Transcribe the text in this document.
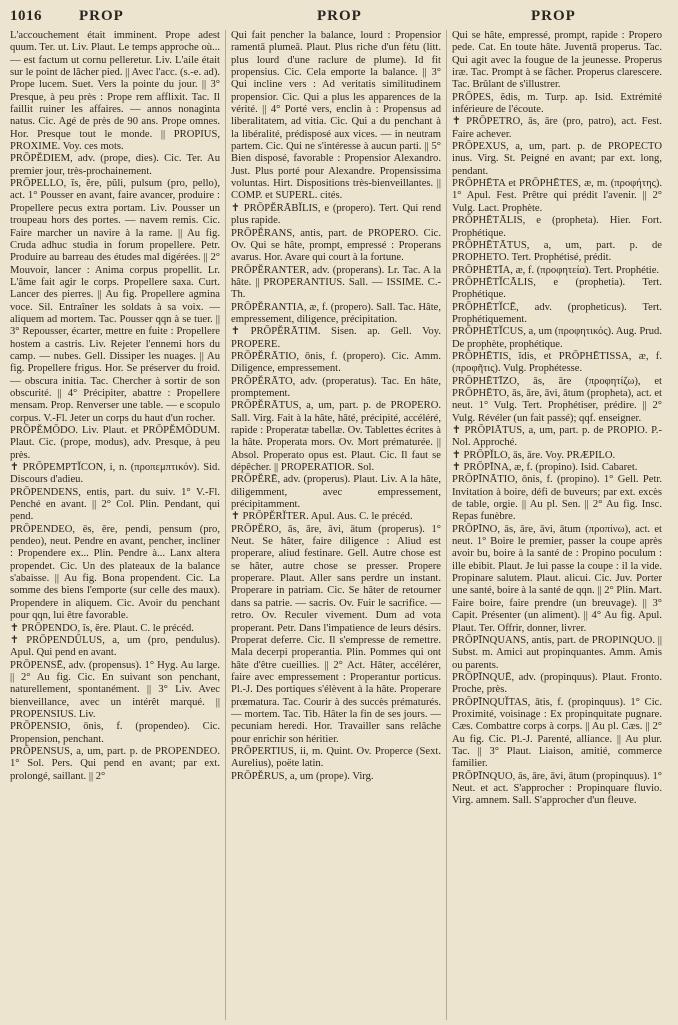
1016 PROP	PROP	PROP

L'accouchement était imminent. Prope adest quum. Ter. ut. Liv. Plaut. Le temps approche où... — est factum ut cornu pelleretur. Liv. L'aile était sur le point de lâcher pied. || Avec l'acc. (s.-e. ad). Prope lucem. Suet. Vers la pointe du jour. || 3° Presque, à peu près : Prope rem afflixit. Tac. Il faillit ruiner les affaires. — annos nonaginta natus. Cic. Agé de près de 90 ans. Prope omnes. Hor. Presque tout le monde. || PROPIUS, PROXIME. Voy. ces mots.

PRŌPĔDIEM, adv. (prope, dies). Cic. Ter. Au premier jour, très-prochainement.

PRŌPELLO, ĭs, ĕre, pŭli, pulsum (pro, pello), act. 1° Pousser en avant, faire avancer, produire : Propellere pecus extra portam. Liv. Pousser un troupeau hors des portes. — navem remis. Cic. Faire marcher un navire à la rame. || Au fig. Cruda adhuc studia in forum propellere. Petr. Produire au barreau des études mal digérées. || 2° Mouvoir, lancer : Anima corpus propellit. Lr. L'âme fait agir le corps. Propellere saxa. Curt. Lancer des pierres. || Au fig. Propellere agmina voce. Sil. Entraîner les soldats à sa voix. — aliquem ad mortem. Tac. Pousser qqn à se tuer. || 3° Repousser, écarter, mettre en fuite : Propellere hostem a castris. Liv. Rejeter l'ennemi hors du camp. — nubes. Gell. Dissiper les nuages. || Au fig. Propellere frigus. Hor. Se préserver du froid. — obscura initia. Tac. Chercher à sortir de son obscurité. || 4° Précipiter, abattre : Propellere mensam. Prop. Renverser une table. — e scopulo corpus. V.-Fl. Jeter un corps du haut d'un rocher.

PRŌPĔMŎDO. Liv. Plaut. et PRŌPĔMŎDUM. Plaut. Cic. (prope, modus), adv. Presque, à peu près.

✝ PRŌPEMPTĬCON, i, n. (προπεμπτικόν). Sid. Discours d'adieu.

PRŌPENDENS, entis, part. du suiv. 1° V.-Fl. Penché en avant. || 2° Col. Plin. Pendant, qui pend.

PRŌPENDEO, ēs, ēre, pendi, pensum (pro, pendeo), neut. Pendre en avant, pencher, incliner : Propendere ex... Plin. Pendre à... Lanx altera propendet. Cic. Un des plateaux de la balance s'abaisse. || Au fig. Bona propendent. Cic. La somme des biens l'emporte (sur celle des maux). Propendere in aliquem. Cic. Avoir du penchant pour qqn, lui être favorable.

✝ PRŌPENDO, ĭs, ĕre. Plaut. C. le précéd.

✝ PRŌPENDŬLUS, a, um (pro, pendulus). Apul. Qui pend en avant.

PRŌPENSĒ, adv. (propensus). 1° Hyg. Au large. || 2° Au fig. Cic. En suivant son penchant, naturellement, spontanément. || 3° Liv. Avec bienveillance, avec un intérêt marqué. || PROPENSIUS. Liv.

PRŌPENSIO, ōnis, f. (propendeo). Cic. Propension, penchant.

PRŌPENSUS, a, um, part. p. de PROPENDEO. 1° Sol. Pers. Qui pend en avant; par ext. prolongé, saillant. || 2°

Qui fait pencher la balance, lourd : Propensior ramentā plumeā. Plaut. Plus riche d'un fétu (litt. plus lourd d'une raclure de plume). Id fit propensius. Cic. Cela emporte la balance. || 3° Qui incline vers : Ad veritatis similitudinem propensior. Cic. Qui a plus les apparences de la vérité. || 4° Porté vers, enclin à : Propensus ad liberalitatem, ad vitia. Cic. Qui a du penchant à la libéralité, prédisposé aux vices. — in neutram partem. Cic. Qui ne s'intéresse à aucun parti. || 5° Bien disposé, favorable : Propensior Alexandro. Just. Plus porté pour Alexandre. Propensissima voluntas. Hirt. Dispositions très-bienveillantes. || COMP. et SUPERL. cités.

✝ PRŌPĔRĀBĬLIS, e (propero). Tert. Qui rend plus rapide.

PRŌPĔRANS, antis, part. de PROPERO. Cic. Ov. Qui se hâte, prompt, empressé : Properans avarus. Hor. Avare qui court à la fortune.

PRŌPĔRANTER, adv. (properans). Lr. Tac. A la hâte. || PROPERANTIUS. Sall. — ISSIME. C.-Th.

PRŌPĔRANTIA, æ, f. (propero). Sall. Tac. Hâte, empressement, diligence, précipitation.

✝ PRŌPĔRĀTIM. Sisen. ap. Gell. Voy. PROPERE.

PRŌPĔRĀTIO, ōnis, f. (propero). Cic. Amm. Diligence, empressement.

PRŌPĔRĀTO, adv. (properatus). Tac. En hâte, promptement.

PRŌPĔRĀTUS, a, um, part. p. de PROPERO. Sall. Virg. Fait à la hâte, hâté, précipité, accéléré, rapide : Properatæ tabellæ. Ov. Tablettes écrites à la hâte. Properata mors. Ov. Mort prématurée. || Absol. Properato opus est. Plaut. Cic. Il faut se dépêcher. || PROPERATIOR. Sol.

PRŌPĔRĒ, adv. (properus). Plaut. Liv. A la hâte, diligemment, avec empressement, précipitamment.

✝ PRŌPĔRĬTER. Apul. Aus. C. le précéd.

PRŌPĔRO, ās, āre, āvi, ātum (properus). 1° Neut. Se hâter, faire diligence : Aliud est properare, aliud festinare. Gell. Autre chose est se hâter, autre chose se presser. Propere properare. Plaut. Aller sans perdre un instant. Properare in patriam. Cic. Se hâter de retourner dans sa patrie. — sacris. Ov. Fuir le sacrifice. — retro. Ov. Reculer vivement. Dum ad vota properant. Petr. Dans l'impatience de leurs désirs. Properat deferre. Cic. Il s'empresse de remettre. Mala decerpi properantia. Plin. Pommes qui ont hâte d'être cueillies. || 2° Act. Hâter, accélérer, faire avec empressement : Properantur porticus. Pl.-J. Des portiques s'élèvent à la hâte. Properare prœmatura. Tac. Courir à des succès prématurés. — mortem. Tac. Tib. Hâter la fin de ses jours. — pecuniam heredi. Hor. Travailler sans relâche pour enrichir son héritier.

PRŌPERTIUS, ii, m. Quint. Ov. Properce (Sext. Aurelius), poëte latin.

PRŌPĔRUS, a, um (prope). Virg.

Qui se hâte, empressé, prompt, rapide : Propero pede. Cat. En toute hâte. Juventā properus. Tac. Qui agit avec la fougue de la jeunesse. Properus iræ. Tac. Prompt à se fâcher. Properus clarescere. Tac. Brûlant de s'illustrer.

PRŌPES, ĕdis, m. Turp. ap. Isid. Extrémité inférieure de l'écoute.

✝ PRŌPETRO, ās, āre (pro, patro), act. Fest. Faire achever.

PRŌPEXUS, a, um, part. p. de PROPECTO inus. Virg. St. Peigné en avant; par ext. long, pendant.

PRŌPHĒTA et PRŌPHĒTES, æ, m. (προφήτης). 1° Apul. Fest. Prêtre qui prédit l'avenir. || 2° Vulg. Lact. Prophète.

PRŌPHĒTĀLIS, e (propheta). Hier. Fort. Prophétique.

PRŌPHĒTĀTUS, a, um, part. p. de PROPHETO. Tert. Prophétisé, prédit.

PRŌPHĒTĪA, æ, f. (προφητεία). Tert. Prophétie.

PRŌPHĒTĬCĀLIS, e (prophetia). Tert. Prophétique.

PRŌPHĒTĬCĒ, adv. (propheticus). Tert. Prophétiquement.

PRŌPHĒTĬCUS, a, um (προφητικός). Aug. Prud. De prophète, prophétique.

PRŌPHĒTIS, ĭdis, et PRŌPHĒTISSA, æ, f. (προφῆτις). Vulg. Prophétesse.

PRŌPHĒTĪZO, ās, āre (προφητίζω), et PRŌPHĒTO, ās, āre, āvi, ātum (propheta), act. et neut. 1° Vulg. Tert. Prophétiser, prédire. || 2° Vulg. Révéler (un fait passé); qqf. enseigner.

✝ PRŌPIĀTUS, a, um, part. p. de PROPIO. P.-Nol. Approché.

✝ PRŌPĬLO, ās, āre. Voy. PRÆPILO.

✝ PRŌPĪNA, æ, f. (propino). Isid. Cabaret.

PRŌPĪNĀTIO, ōnis, f. (propino). 1° Gell. Petr. Invitation à boire, défi de buveurs; par ext. excès de table, orgie. || Au pl. Sen. || 2° Au fig. Insc. Repas funèbre.

PRŌPĪNO, ās, āre, āvi, ātum (προπίνω), act. et neut. 1° Boire le premier, passer la coupe après avoir bu, boire à la santé de : Propino poculum : ille ebibit. Plaut. Je lui passe la coupe : il la vide. Propinare salutem. Plaut. alicui. Cic. Juv. Porter une santé, boire à la santé de qqn. || 2° Plin. Mart. Faire boire, faire prendre (un breuvage). || 3° Capit. Présenter (un aliment). || 4° Au fig. Apul. Plaut. Ter. Offrir, donner, livrer.

PRŌPĪNQUANS, antis, part. de PROPINQUO. || Subst. m. Amici aut propinquantes. Amm. Amis ou parents.

PRŌPĪNQUĒ, adv. (propinquus). Plaut. Fronto. Proche, près.

PRŌPĪNQUĬTAS, ātis, f. (propinquus). 1° Cic. Proximité, voisinage : Ex propinquitate pugnare. Cæs. Combattre corps à corps. || Au pl. Cæs. || 2° Au fig. Cic. Pl.-J. Parenté, alliance. || Au plur. Tac. || 3° Plaut. Liaison, amitié, commerce familier.

PRŌPĪNQUO, ās, āre, āvi, ātum (propinquus). 1° Neut. et act. S'approcher : Propinquare fluvio. Virg. amnem. Sall. S'approcher d'un fleuve.
